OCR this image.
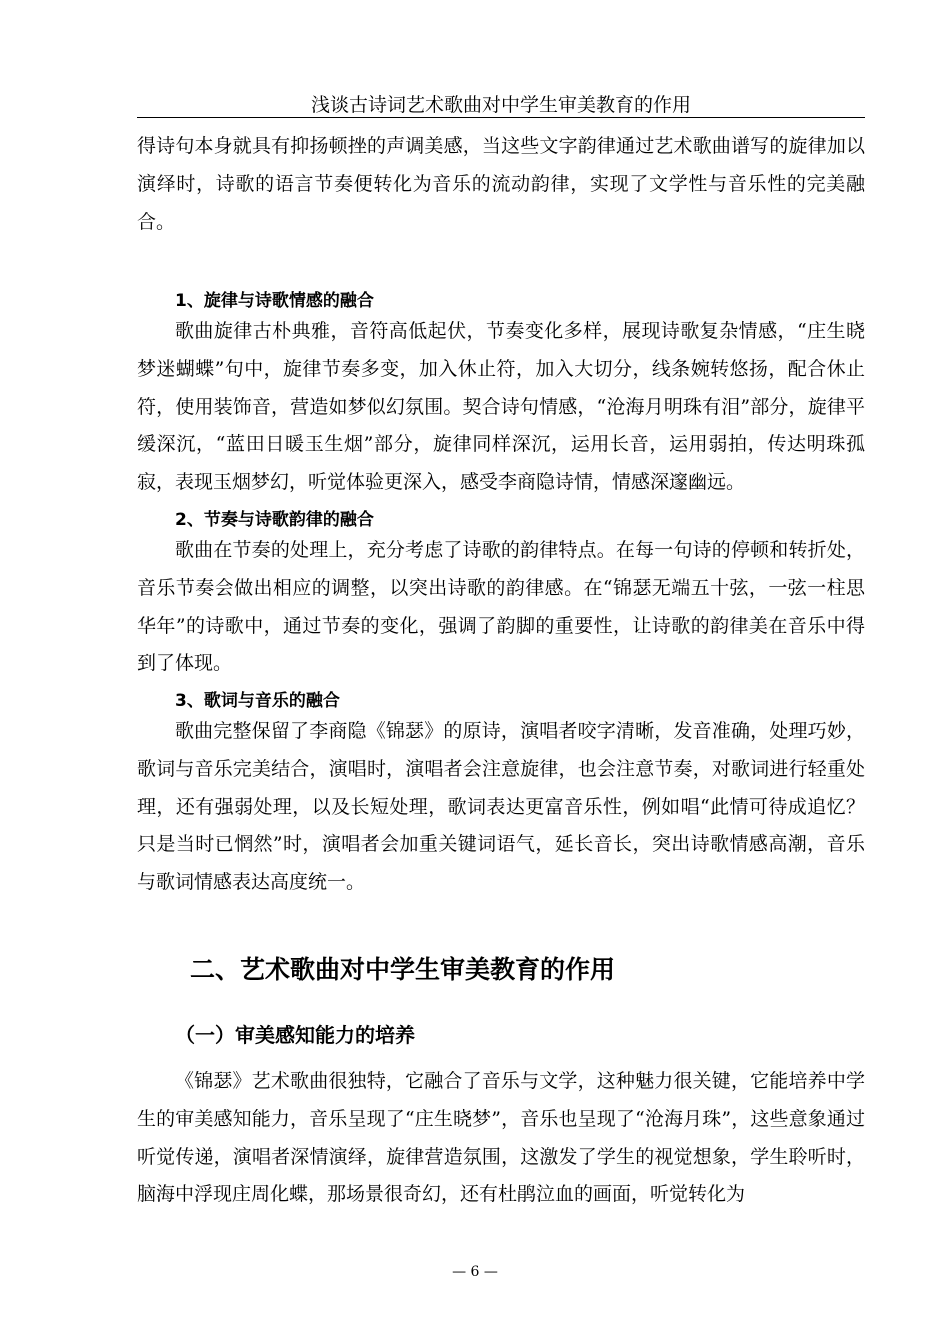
浅谈古诗词艺术歌曲对中学生审美教育的作用

得诗句本身就具有抑扬顿挫的声调美感，当这些文字韵律通过艺术歌曲谱写的旋律加以演绎时，诗歌的语言节奏便转化为音乐的流动韵律，实现了文学性与音乐性的完美融合。

1、旋律与诗歌情感的融合

歌曲旋律古朴典雅，音符高低起伏，节奏变化多样，展现诗歌复杂情感，“庄生晓梦迷蝴蝶”句中，旋律节奏多变，加入休止符，加入大切分，线条婉转悠扬，配合休止符，使用装饰音，营造如梦似幻氛围。契合诗句情感，“沧海月明珠有泪”部分，旋律平缓深沉，“蓝田日暖玉生烟”部分，旋律同样深沉，运用长音，运用弱拍，传达明珠孤寂，表现玉烟梦幻，听觉体验更深入，感受李商隐诗情，情感深邃幽远。

2、节奏与诗歌韵律的融合

歌曲在节奏的处理上，充分考虑了诗歌的韵律特点。在每一句诗的停顿和转折处，音乐节奏会做出相应的调整，以突出诗歌的韵律感。在“锦瑟无端五十弦，一弦一柱思华年”的诗歌中，通过节奏的变化，强调了韵脚的重要性，让诗歌的韵律美在音乐中得到了体现。

3、歌词与音乐的融合

歌曲完整保留了李商隐《锦瑟》的原诗，演唱者咬字清晰，发音准确，处理巧妙，歌词与音乐完美结合，演唱时，演唱者会注意旋律，也会注意节奏，对歌词进行轻重处理，还有强弱处理，以及长短处理，歌词表达更富音乐性，例如唱“此情可待成追忆？只是当时已惘然”时，演唱者会加重关键词语气，延长音长，突出诗歌情感高潮，音乐与歌词情感表达高度统一。

二、艺术歌曲对中学生审美教育的作用
（一）审美感知能力的培养

《锦瑟》艺术歌曲很独特，它融合了音乐与文学，这种魅力很关键，它能培养中学生的审美感知能力，音乐呈现了“庄生晓梦”，音乐也呈现了“沧海月珠”，这些意象通过听觉传递，演唱者深情演绎，旋律营造氛围，这激发了学生的视觉想象，学生聆听时，脑海中浮现庄周化蝶，那场景很奇幻，还有杜鹃泣血的画面，听觉转化为

— 6 —
